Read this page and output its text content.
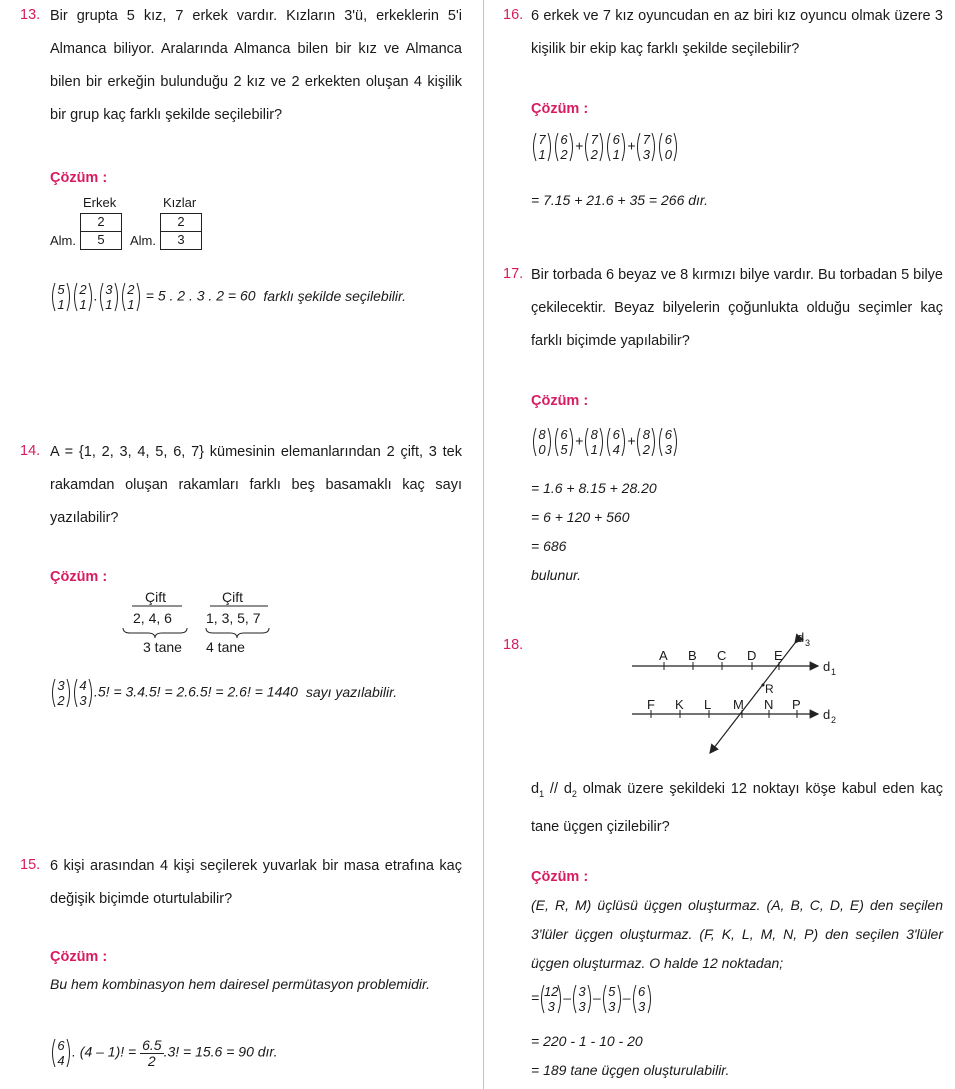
13. Bir grupta 5 kız, 7 erkek vardır. Kızların 3'ü, erkeklerin 5'i Almanca biliyor. Aralarında Almanca bilen bir kız ve Almanca bilen bir erkeğin bulunduğu 2 kız ve 2 erkekten oluşan 4 kişilik bir grup kaç farklı şekilde seçilebilir?
Çözüm :
Erkek	Kızlar
2
5
2
3
Alm.	Alm.
5
1
2
1
. 3
1
2
1
= 5 . 2 . 3 . 2 = 60 farklı şekilde seçilebilir.
14. A = {1, 2, 3, 4, 5, 6, 7} kümesinin elemanlarından 2 çift, 3 tek rakamdan oluşan rakamları farklı beş basamaklı kaç sayı yazılabilir?
Çözüm :
Çift
2, 4, 6
3 tane
Çift
1, 3, 5, 7
4 tane
3
2
4
3
.5! = 3.4.5! = 2.6.5! = 2.6! = 1440 sayı yazılabilir.
15. 6 kişi arasından 4 kişi seçilerek yuvarlak bir masa etrafına kaç değişik biçimde oturtulabilir?
Çözüm :
Bu hem kombinasyon hem dairesel permütasyon problemidir.
6
4
. (4 – 1)! = $\frac{6.5}{2} .3$! = 15.6 = 90 dır.
16. 6 erkek ve 7 kız oyuncudan en az biri kız oyuncu olmak üzere 3 kişilik bir ekip kaç farklı şekilde seçilebilir?
Çözüm :
7
1
6
2
+ 7
2
6
1
+ 7
3
6
0
= 7.15 + 21.6 + 35 = 266 dır.
17. Bir torbada 6 beyaz ve 8 kırmızı bilye vardır. Bu torbadan 5 bilye çekilecektir. Beyaz bilyelerin çoğunlukta olduğu seçimler kaç farklı biçimde yapılabilir?
Çözüm :
8
0
6
5
+ 8
1
6
4
+ 8
2
6
3
= 1.6 + 8.15 + 28.20
= 6 + 120 + 560
= 686
bulunur.
18.
A B C D E
F K L M N P
R
d 1
d 2
d 3
$d_1 // d_2$ olmak üzere şekildeki 12 noktayı köşe kabul eden kaç tane üçgen çizilebilir?
Çözüm :
(E, R, M) üçlüsü üçgen oluşturmaz. (A, B, C, D, E) den seçilen 3'lüler üçgen oluşturmaz. (F, K, L, M, N, P) den seçilen 3'lüler üçgen oluşturmaz. O halde 12 noktadan;
= 12
3
– 3
3
– 5
3
– 6
3
= 220 - 1 - 10 - 20
= 189 tane üçgen oluşturulabilir.
